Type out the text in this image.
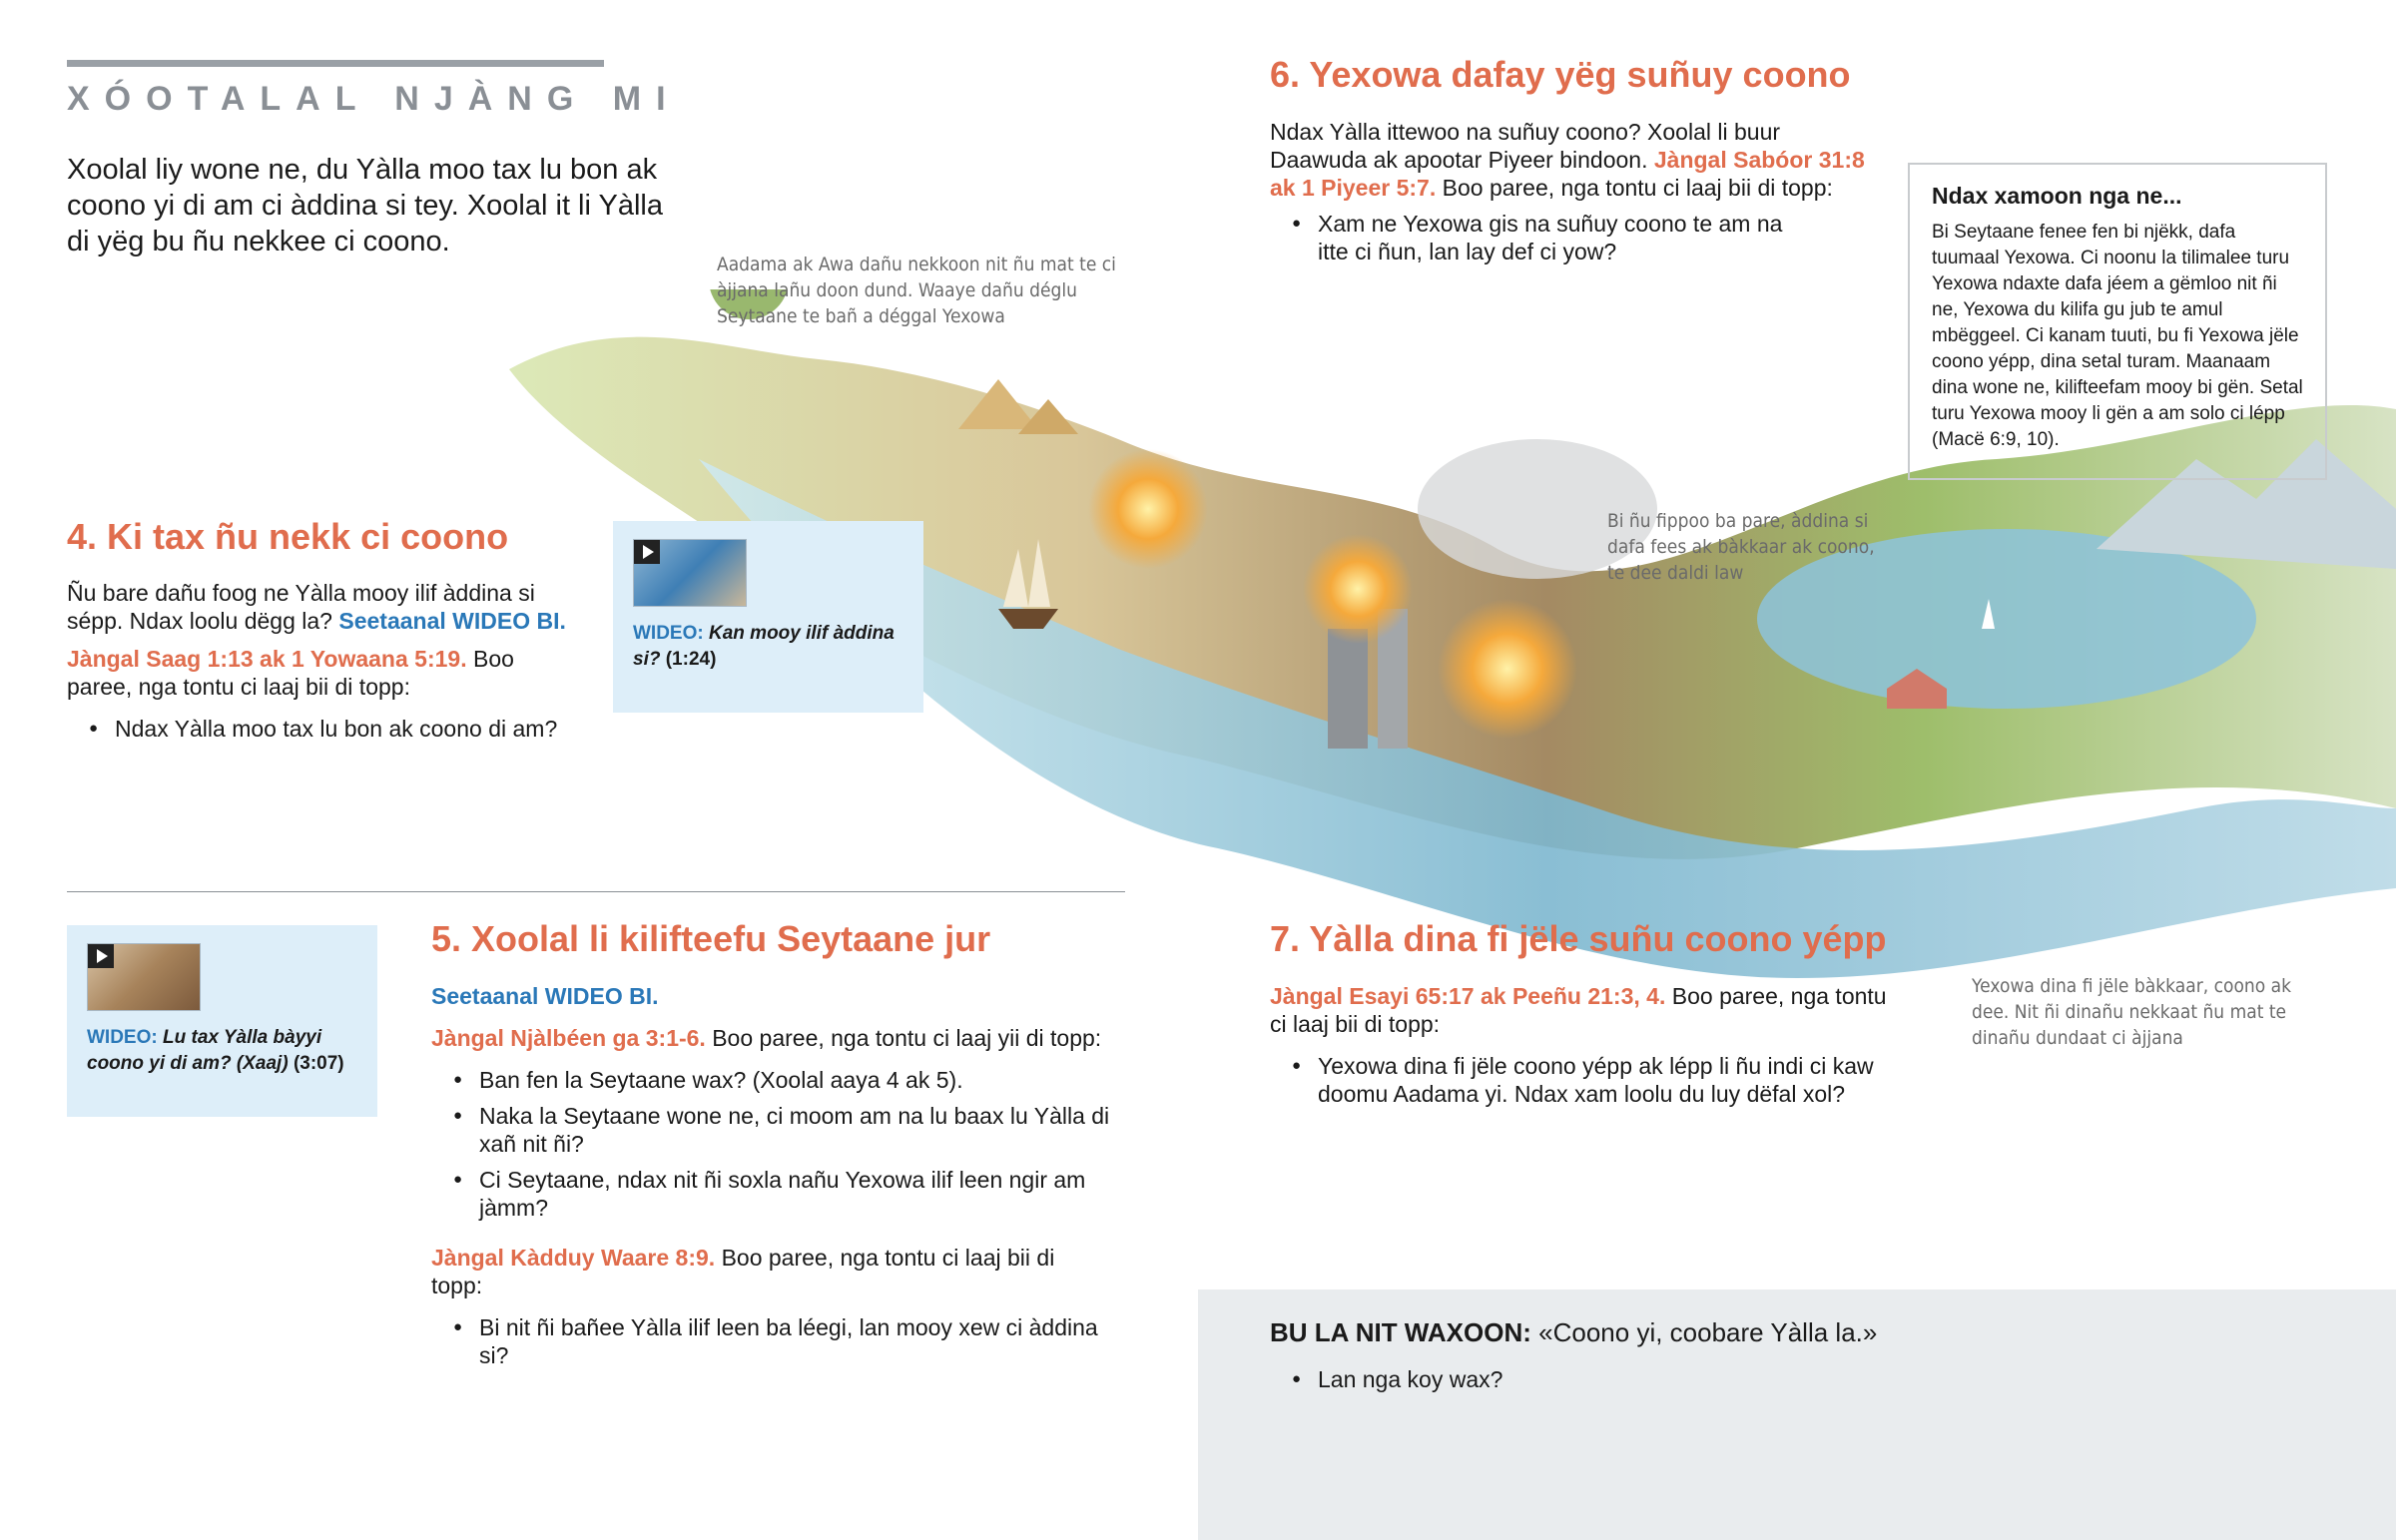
XÓOTALAL NJÀNG MI
Xoolal liy wone ne, du Yàlla moo tax lu bon ak coono yi di am ci àddina si tey. Xoolal it li Yàlla di yëg bu ñu nekkee ci coono.
Aadama ak Awa dañu nekkoon nit ñu mat te ci àjjana lañu doon dund. Waaye dañu déglu Seytaane te bañ a déggal Yexowa
Bi ñu fippoo ba pare, àddina si dafa fees ak bàkkaar ak coono, te dee daldi law
Yexowa dina fi jële bàkkaar, coono ak dee. Nit ñi dinañu nekkaat ñu mat te dinañu dundaat ci àjjana
4. Ki tax ñu nekk ci coono
Ñu bare dañu foog ne Yàlla mooy ilif àddina si sépp. Ndax loolu dëgg la? Seetaanal WIDEO BI.
Jàngal Saag 1:13 ak 1 Yowaana 5:19. Boo paree, nga tontu ci laaj bii di topp:
● Ndax Yàlla moo tax lu bon ak coono di am?
WIDEO: Kan mooy ilif àddina si? (1:24)
WIDEO: Lu tax Yàlla bàyyi coono yi di am? (Xaaj) (3:07)
5. Xoolal li kilifteefu Seytaane jur
Seetaanal WIDEO BI.
Jàngal Njàlbéen ga 3:1-6. Boo paree, nga tontu ci laaj yii di topp:
● Ban fen la Seytaane wax? (Xoolal aaya 4 ak 5).
● Naka la Seytaane wone ne, ci moom am na lu baax lu Yàlla di xañ nit ñi?
● Ci Seytaane, ndax nit ñi soxla nañu Yexowa ilif leen ngir am jàmm?
Jàngal Kàdduy Waare 8:9. Boo paree, nga tontu ci laaj bii di topp:
● Bi nit ñi bañee Yàlla ilif leen ba léegi, lan mooy xew ci àddina si?
6. Yexowa dafay yëg suñuy coono
Ndax Yàlla ittewoo na suñuy coono? Xoolal li buur Daawuda ak apootar Piyeer bindoon. Jàngal Sabóor 31:8 ak 1 Piyeer 5:7. Boo paree, nga tontu ci laaj bii di topp:
● Xam ne Yexowa gis na suñuy coono te am na itte ci ñun, lan lay def ci yow?
Ndax xamoon nga ne...
Bi Seytaane fenee fen bi njëkk, dafa tuumaal Yexowa. Ci noonu la tilimalee turu Yexowa ndaxte dafa jéem a gëmloo nit ñi ne, Yexowa du kilifa gu jub te amul mbëggeel. Ci kanam tuuti, bu fi Yexowa jële coono yépp, dina setal turam. Maanaam dina wone ne, kilifteefam mooy bi gën. Setal turu Yexowa mooy li gën a am solo ci lépp (Macë 6:9, 10).
7. Yàlla dina fi jële suñu coono yépp
Jàngal Esayi 65:17 ak Peeñu 21:3, 4. Boo paree, nga tontu ci laaj bii di topp:
● Yexowa dina fi jële coono yépp ak lépp li ñu indi ci kaw doomu Aadama yi. Ndax xam loolu du luy dëfal xol?
BU LA NIT WAXOON: «Coono yi, coobare Yàlla la.»
● Lan nga koy wax?
